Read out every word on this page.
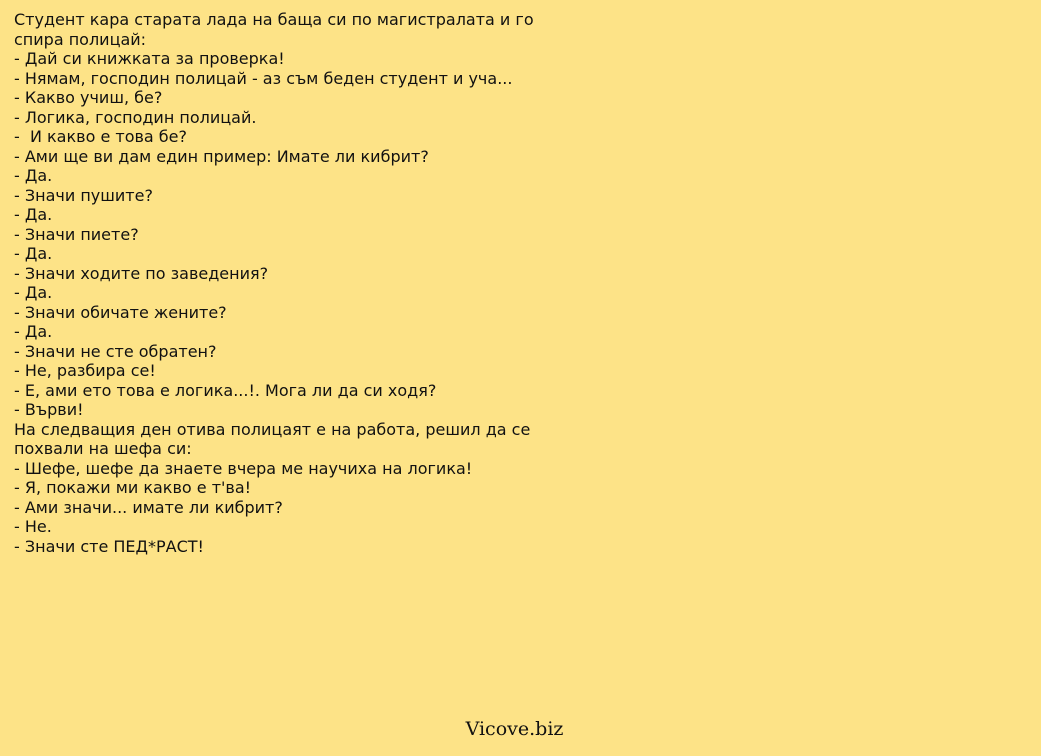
Студент кара старата лада на баща си по магистралата и го спира полицай:
- Дай си книжката за проверка!
- Нямам, господин полицай - аз съм беден студент и уча...
- Какво учиш, бе?
- Логика, господин полицай.
-  И какво е това бе?
- Ами ще ви дам един пример: Имате ли кибрит?
- Да.
- Значи пушите?
- Да.
- Значи пиете?
- Да.
- Значи ходите по заведения?
- Да.
- Значи обичате жените?
- Да.
- Значи не сте обратен?
- Не, разбира се!
- Е, ами ето това е логика...!. Мога ли да си ходя?
- Върви!
На следващия ден отива полицаят е на работа, решил да се похвали на шефа си:
- Шефе, шефе да знаете вчера ме научиха на логика!
- Я, покажи ми какво е т'ва!
- Ами значи... имате ли кибрит?
- Не.
- Значи сте ПЕД*РАСТ!
Vicove.biz
